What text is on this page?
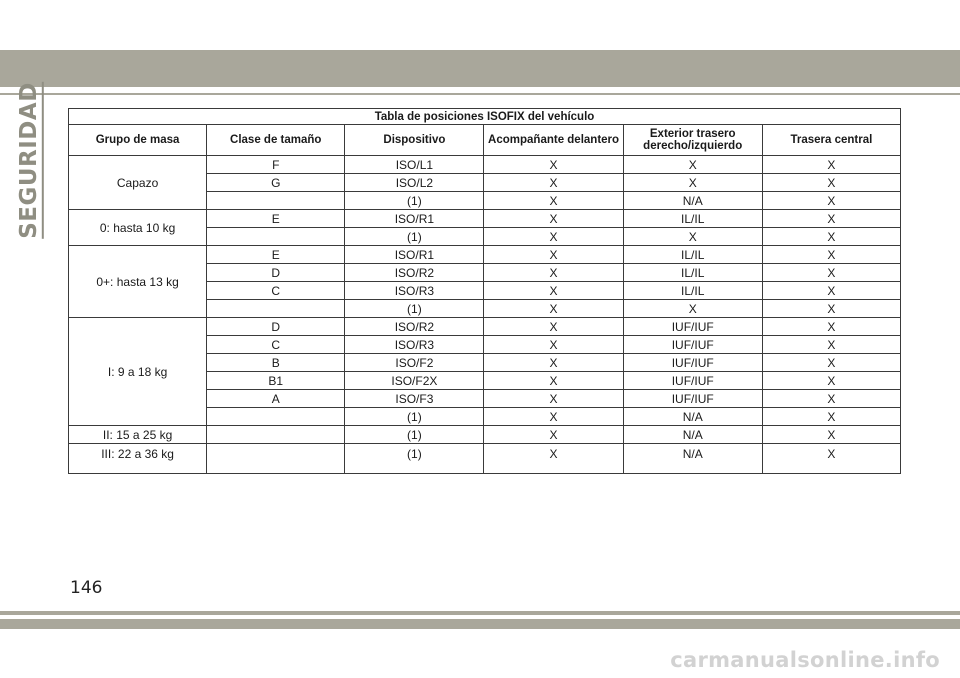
SEGURIDAD	Tabla de posiciones ISOFIX del vehículo					
Grupo de masa	Clase de tamaño	Dispositivo	Acompañante delantero	Exterior trasero derecho/izquierdo	Trasera central
Capazo	F	ISO/L1	X	X	X
	G	ISO/L2	X	X	X
		(1)	X	N/A	X
0: hasta 10 kg	E	ISO/R1	X	IL/IL	X
		(1)	X	X	X
0+: hasta 13 kg	E	ISO/R1	X	IL/IL	X
	D	ISO/R2	X	IL/IL	X
	C	ISO/R3	X	IL/IL	X
		(1)	X	X	X
I: 9 a 18 kg	D	ISO/R2	X	IUF/IUF	X
	C	ISO/R3	X	IUF/IUF	X
	B	ISO/F2	X	IUF/IUF	X
	B1	ISO/F2X	X	IUF/IUF	X
	A	ISO/F3	X	IUF/IUF	X
		(1)	X	N/A	X
II: 15 a 25 kg		(1)	X	N/A	X
III: 22 a 36 kg		(1)	X	N/A	X
146
carmanualsonline.info
